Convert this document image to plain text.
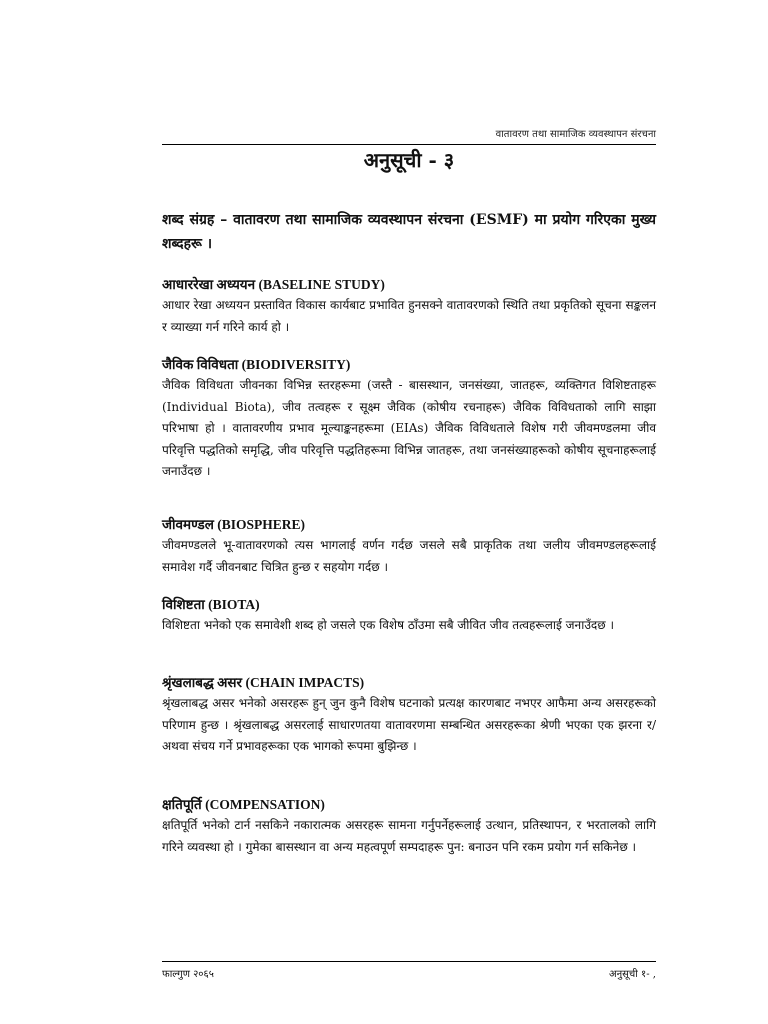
वातावरण तथा सामाजिक व्यवस्थापन संरचना
अनुसूची - ३
शब्द संग्रह – वातावरण तथा सामाजिक व्यवस्थापन संरचना (ESMF) मा प्रयोग गरिएका मुख्य शब्दहरू ।

आधाररेखा अध्ययन (BASELINE STUDY)

आधार रेखा अध्ययन प्रस्तावित विकास कार्यबाट प्रभावित हुनसक्ने वातावरणको स्थिति तथा प्रकृतिको सूचना सङ्कलन र व्याख्या गर्न गरिने कार्य हो ।

जैविक विविधता (BIODIVERSITY)

जैविक विविधता जीवनका विभिन्न स्तरहरूमा (जस्तै - बासस्थान, जनसंख्या, जातहरू, व्यक्तिगत विशिष्टताहरू (Individual Biota), जीव तत्वहरू र सूक्ष्म जैविक (कोषीय रचनाहरू) जैविक विविधताको लागि साझा परिभाषा हो । वातावरणीय प्रभाव मूल्याङ्कनहरूमा (EIAs) जैविक विविधताले विशेष गरी जीवमण्डलमा जीव परिवृत्ति पद्धतिको समृद्धि, जीव परिवृत्ति पद्धतिहरूमा विभिन्न जातहरू, तथा जनसंख्याहरूको कोषीय सूचनाहरूलाई जनाउँदछ ।

जीवमण्डल (BIOSPHERE)

जीवमण्डलले भू-वातावरणको त्यस भागलाई वर्णन गर्दछ जसले सबै प्राकृतिक तथा जलीय जीवमण्डलहरूलाई समावेश गर्दै जीवनबाट चित्रित हुन्छ र सहयोग गर्दछ ।

विशिष्टता (BIOTA)

विशिष्टता भनेको एक समावेशी शब्द हो जसले एक विशेष ठाँउमा सबै जीवित जीव तत्वहरूलाई जनाउँदछ ।

श्रृंखलाबद्ध असर (CHAIN IMPACTS)

श्रृंखलाबद्ध असर भनेको असरहरू हुन् जुन कुनै विशेष घटनाको प्रत्यक्ष कारणबाट नभएर आफैमा अन्य असरहरूको परिणाम हुन्छ । श्रृंखलाबद्ध असरलाई साधारणतया वातावरणमा सम्बन्धित असरहरूका श्रेणी भएका एक झरना र/अथवा संचय गर्ने प्रभावहरूका एक भागको रूपमा बुझिन्छ ।

क्षतिपूर्ति (COMPENSATION)

क्षतिपूर्ति भनेको टार्न नसकिने नकारात्मक असरहरू सामना गर्नुपर्नेहरूलाई उत्थान, प्रतिस्थापन, र भरतालको लागि गरिने व्यवस्था हो । गुमेका बासस्थान वा अन्य महत्वपूर्ण सम्पदाहरू पुन: बनाउन पनि रकम प्रयोग गर्न सकिनेछ ।

फाल्गुण २०६५	अनुसूची १- ,
